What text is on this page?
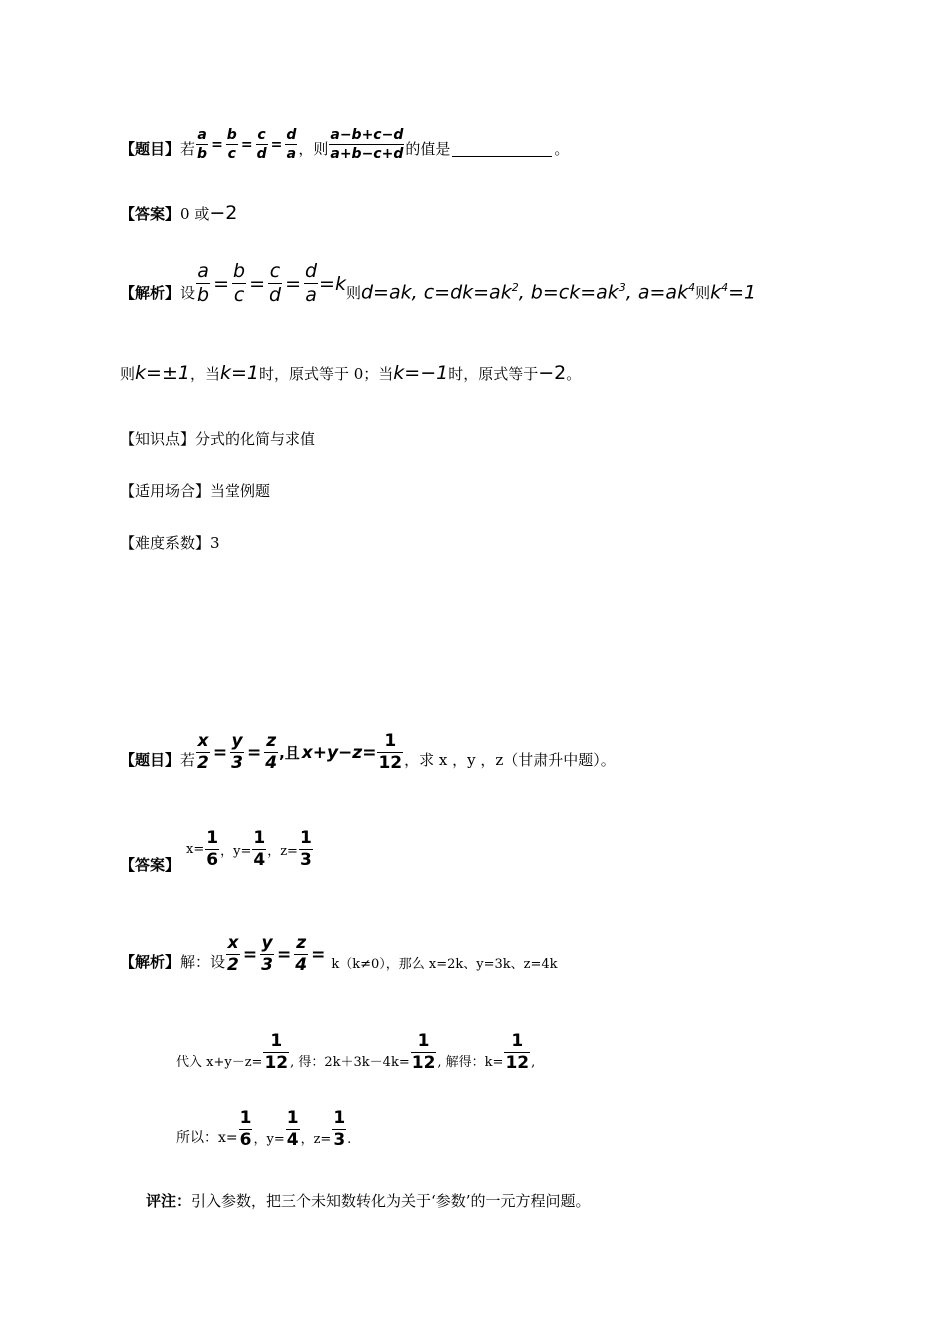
【题目】 若 $\frac{a}{b} = \frac{b}{c} = \frac{c}{d} = \frac{d}{a}$ ，则 $\frac{a-b+c-d}{a+b-c+d}$ 的值是	。
【答案】 0 或 −2
【解析】 设 $\frac{a}{b} = \frac{b}{c} = \frac{c}{d} = \frac{d}{a} =k$ 则 d=ak, $c=dk=ak^2$, $b=ck=ak^3$, $a=ak^4$ 则 $k^4=1$
则 k=±1 ，当 k=1 时，原式等于 0；当 k=−1 时，原式等于 −2 。
【知识点】分式的化简与求值
【适用场合】当堂例题
【难度系数】3
【题目】 若 $\frac{x}{2} = \frac{y}{3} = \frac{z}{4}$ ,且 $x+y-z= \frac{1}{12}$ ，求 x ，y ，z（甘肃升中题）。
【答案】
$x= \frac{1}{6}$ ，$y= \frac{1}{4}$ ，$z= \frac{1}{3}$
【解析】 解：设 $\frac{x}{2} = \frac{y}{3} = \frac{z}{4} = k(k\ne 0)$，那么 x=2k、y=3k、z=4k
代入 $x+y-z= \frac{1}{12}$ , 得：$2k+3k-4k= \frac{1}{12}$ , 解得：$k= \frac{1}{12}$ ,
所以：$x= \frac{1}{6}$ ，$y= \frac{1}{4}$ ，$z= \frac{1}{3}$ .
评注： 引入参数，把三个未知数转化为关于‘参数’的一元方程问题。
